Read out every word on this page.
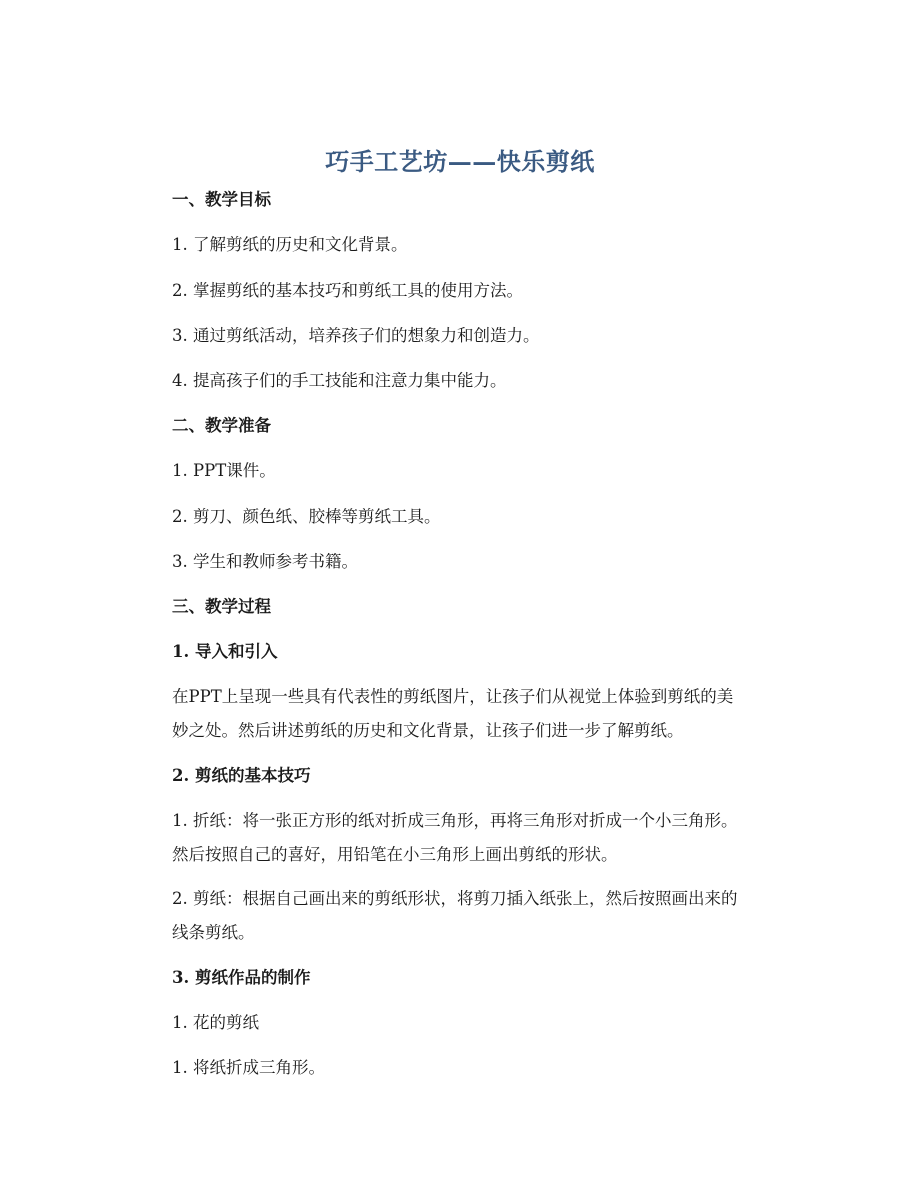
巧手工艺坊——快乐剪纸
一、教学目标
1. 了解剪纸的历史和文化背景。
2. 掌握剪纸的基本技巧和剪纸工具的使用方法。
3. 通过剪纸活动，培养孩子们的想象力和创造力。
4. 提高孩子们的手工技能和注意力集中能力。
二、教学准备
1. PPT课件。
2. 剪刀、颜色纸、胶棒等剪纸工具。
3. 学生和教师参考书籍。
三、教学过程
1. 导入和引入
在PPT上呈现一些具有代表性的剪纸图片，让孩子们从视觉上体验到剪纸的美
妙之处。然后讲述剪纸的历史和文化背景，让孩子们进一步了解剪纸。
2. 剪纸的基本技巧
1. 折纸：将一张正方形的纸对折成三角形，再将三角形对折成一个小三角形。
然后按照自己的喜好，用铅笔在小三角形上画出剪纸的形状。
2. 剪纸：根据自己画出来的剪纸形状，将剪刀插入纸张上，然后按照画出来的
线条剪纸。
3. 剪纸作品的制作
1. 花的剪纸
1. 将纸折成三角形。
